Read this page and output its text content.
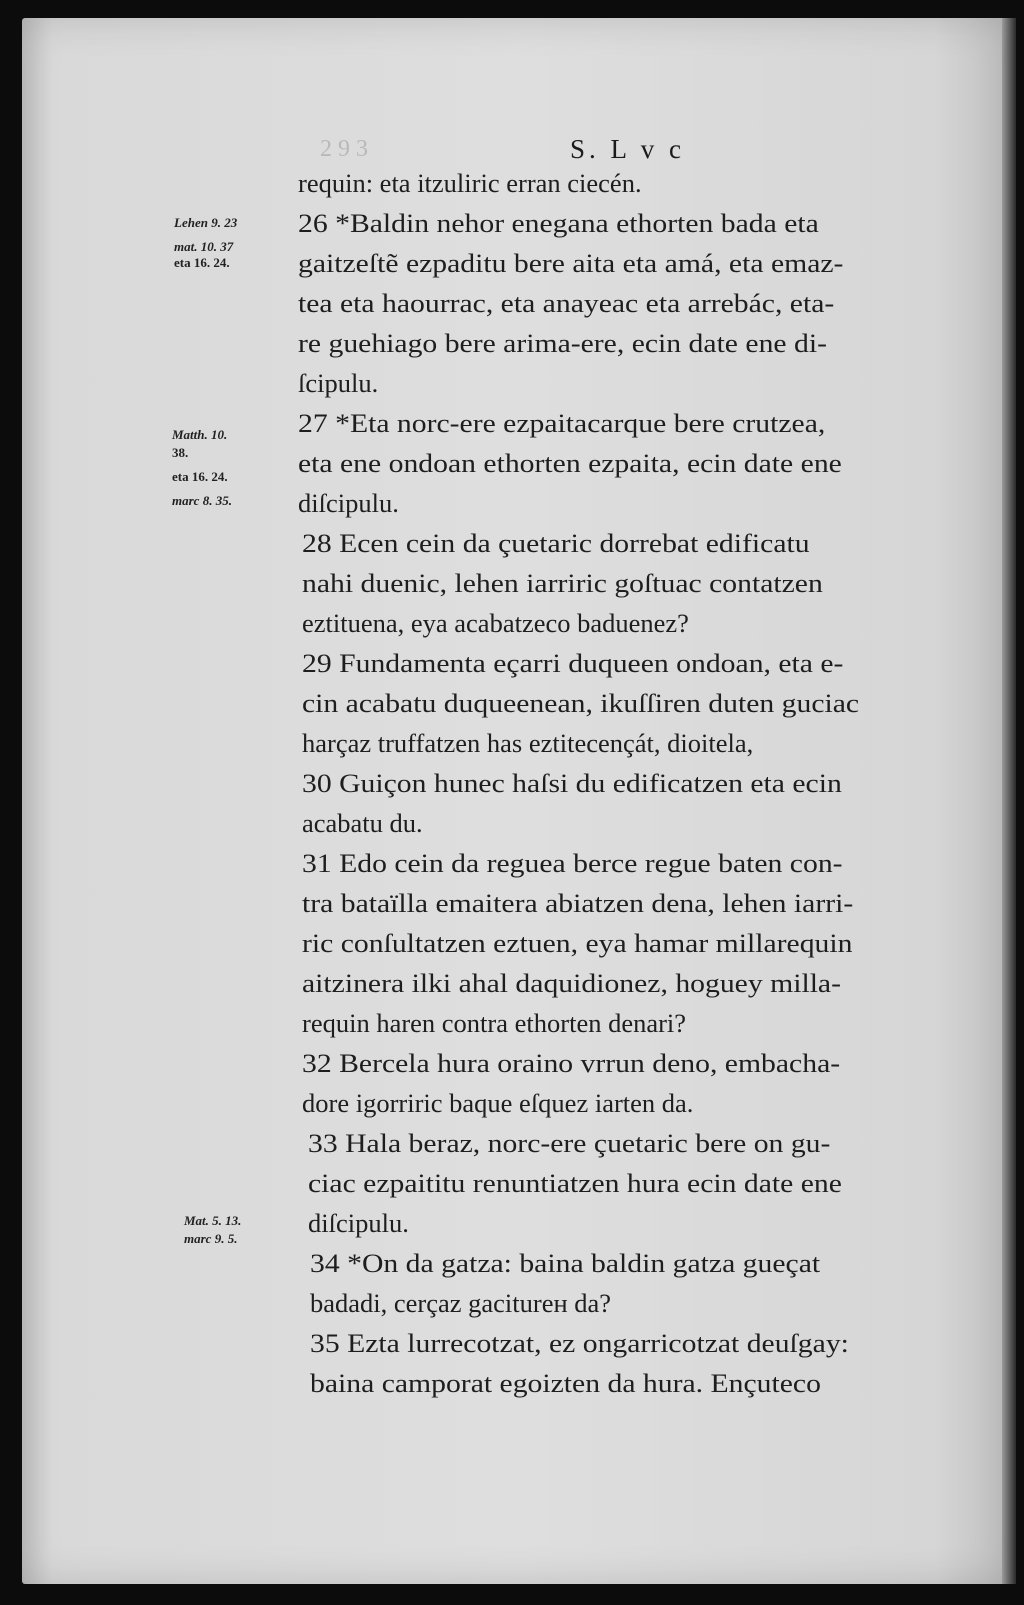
293	S. L v c
Lehen 9. 23
mat. 10. 37
eta 16. 24.
Matth. 10.
38.
eta 16. 24.
marc 8. 35.
Mat. 5. 13.
marc 9. 5.
requin: eta itzuliric erran ciecén.
26 *Baldin nehor enegana ethorten bada eta
gaitzeſtẽ ezpaditu bere aita eta amá, eta emaz-
tea eta haourrac, eta anayeac eta arrebác, eta-
re guehiago bere arima-ere, ecin date ene di-
ſcipulu.
27 *Eta norc-ere ezpaitacarque bere crutzea,
eta ene ondoan ethorten ezpaita, ecin date ene
diſcipulu.
28 Ecen cein da çuetaric dorrebat edificatu
nahi duenic, lehen iarriric goſtuac contatzen
eztituena, eya acabatzeco baduenez?
29 Fundamenta eçarri duqueen ondoan, eta e-
cin acabatu duqueenean, ikuſſiren duten guciac
harçaz truffatzen has eztitecençát, dioitela,
30 Guiçon hunec haſsi du edificatzen eta ecin
acabatu du.
31 Edo cein da reguea berce regue baten con-
tra bataïlla emaitera abiatzen dena, lehen iarri-
ric conſultatzen eztuen, eya hamar millarequin
aitzinera ilki ahal daquidionez, hoguey milla-
requin haren contra ethorten denari?
32 Bercela hura oraino vrrun deno, embacha-
dore igorriric baque eſquez iarten da.
33 Hala beraz, norc-ere çuetaric bere on gu-
ciac ezpaititu renuntiatzen hura ecin date ene
diſcipulu.
34 *On da gatza: baina baldin gatza gueçat
badadi, cerçaz gaciturен da?
35 Ezta lurrecotzat, ez ongarricotzat deuſgay:
baina camporat egoizten da hura. Ençuteco
